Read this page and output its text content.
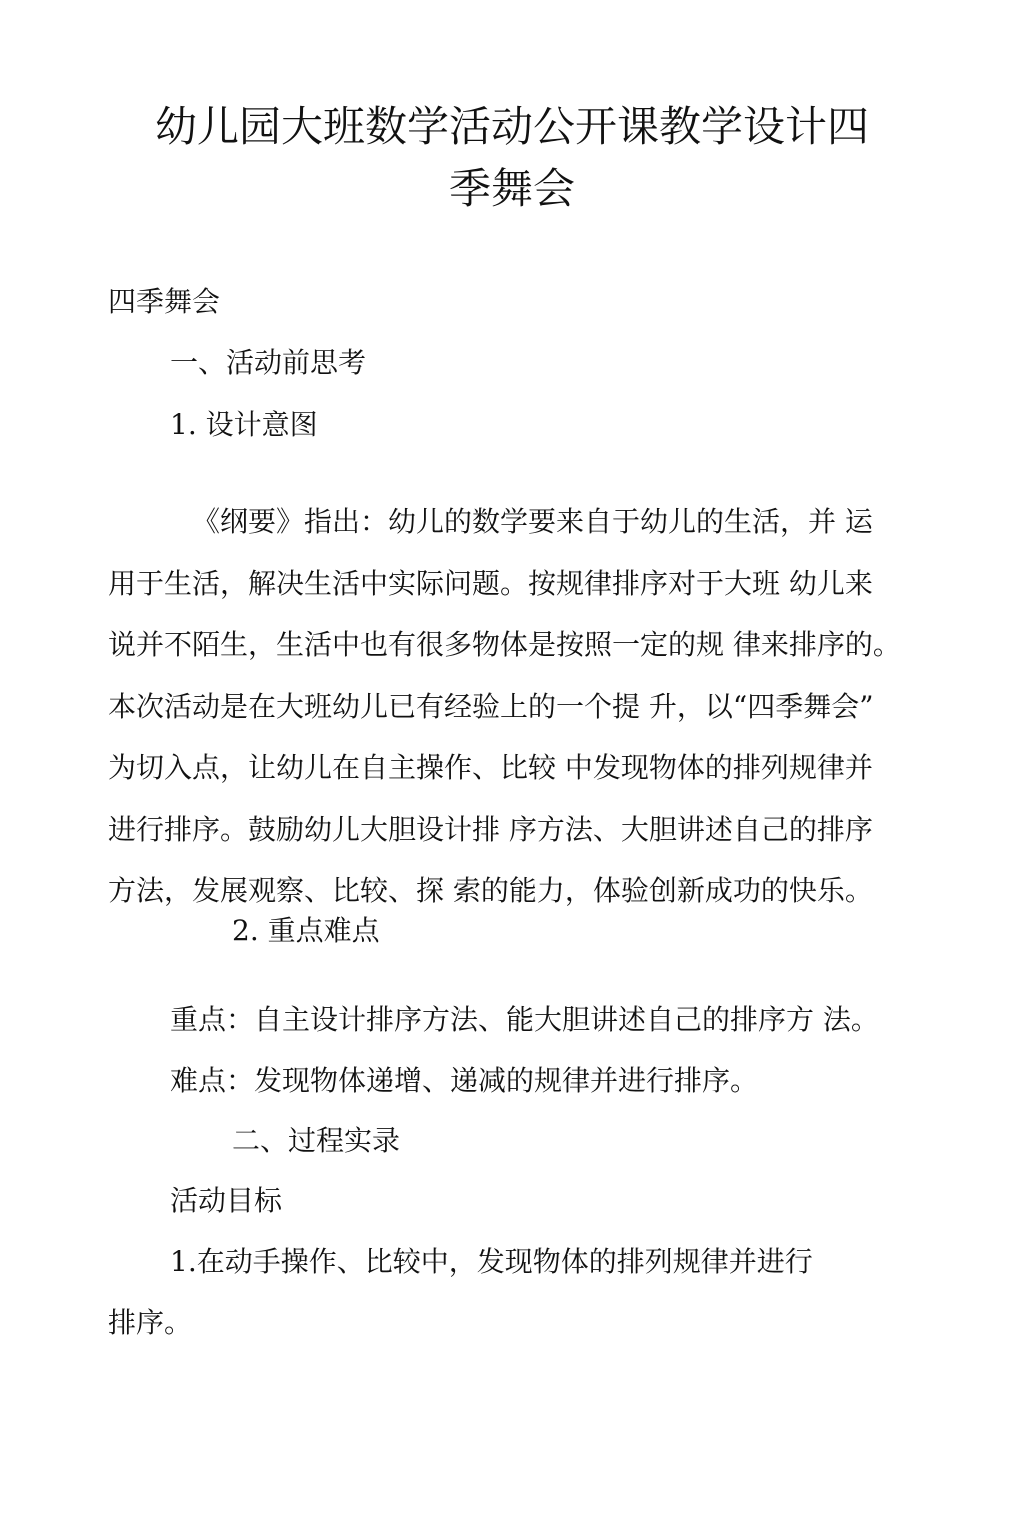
幼儿园大班数学活动公开课教学设计四
季舞会
四季舞会
一、活动前思考
1. 设计意图
《纲要》指出：幼儿的数学要来自于幼儿的生活，并 运
用于生活，解决生活中实际问题。按规律排序对于大班 幼儿来
说并不陌生，生活中也有很多物体是按照一定的规 律来排序的。
本次活动是在大班幼儿已有经验上的一个提 升，以“四季舞会”
为切入点，让幼儿在自主操作、比较 中发现物体的排列规律并
进行排序。鼓励幼儿大胆设计排 序方法、大胆讲述自己的排序
方法，发展观察、比较、探 索的能力，体验创新成功的快乐。
2. 重点难点
重点：自主设计排序方法、能大胆讲述自己的排序方 法。
难点：发现物体递增、递减的规律并进行排序。
二、过程实录
活动目标
1.在动手操作、比较中，发现物体的排列规律并进行
排序。
